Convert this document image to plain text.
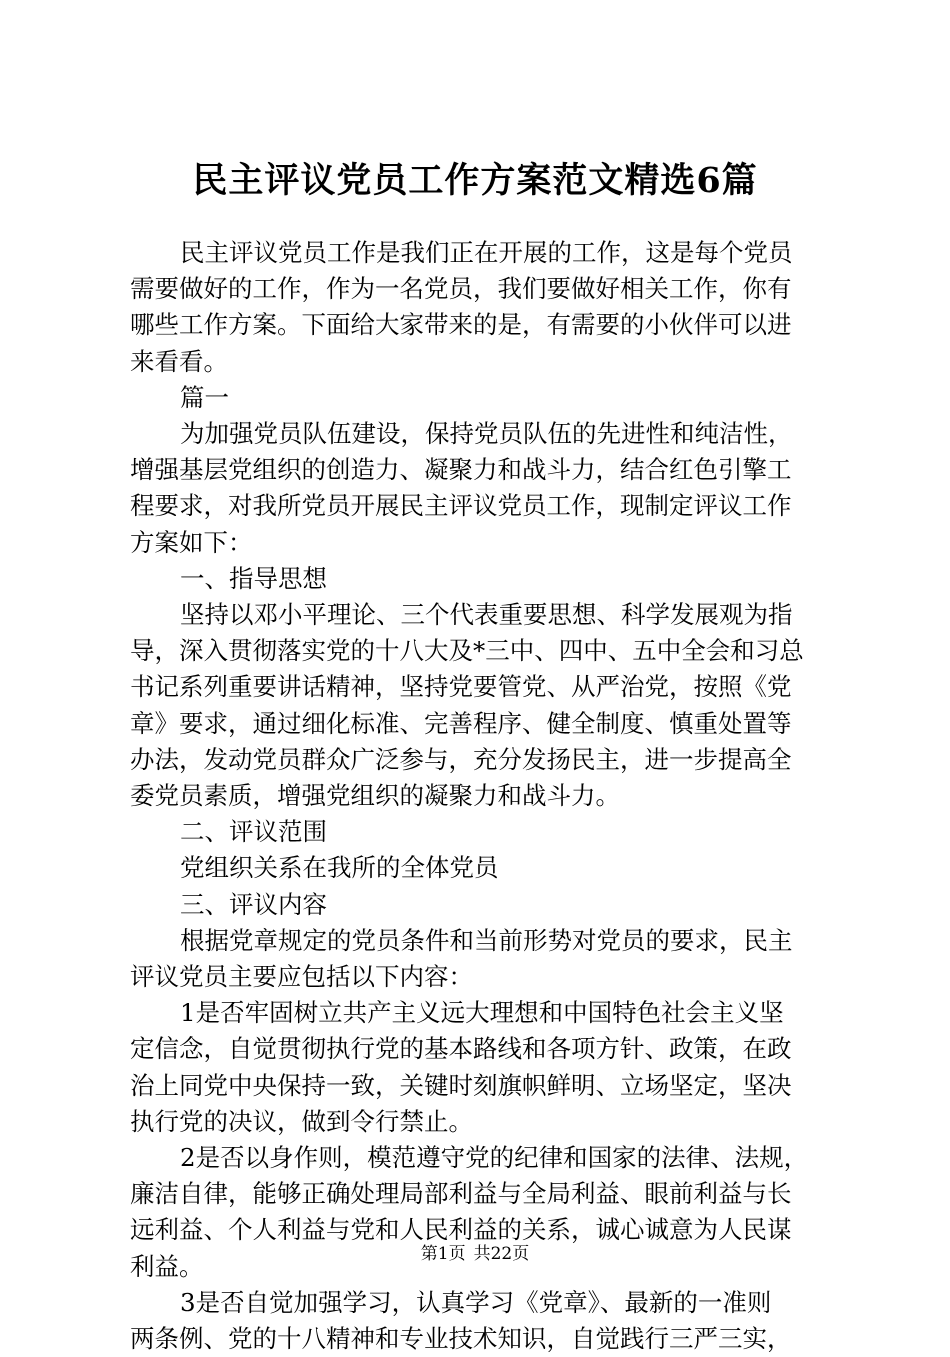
民主评议党员工作方案范文精选6篇
民主评议党员工作是我们正在开展的工作，这是每个党员
需要做好的工作，作为一名党员，我们要做好相关工作，你有
哪些工作方案。下面给大家带来的是，有需要的小伙伴可以进
来看看。
篇一
为加强党员队伍建设，保持党员队伍的先进性和纯洁性，
增强基层党组织的创造力、凝聚力和战斗力，结合红色引擎工
程要求，对我所党员开展民主评议党员工作，现制定评议工作
方案如下：
一、指导思想
坚持以邓小平理论、三个代表重要思想、科学发展观为指
导，深入贯彻落实党的十八大及*三中、四中、五中全会和习总
书记系列重要讲话精神，坚持党要管党、从严治党，按照《党
章》要求，通过细化标准、完善程序、健全制度、慎重处置等
办法，发动党员群众广泛参与，充分发扬民主，进一步提高全
委党员素质，增强党组织的凝聚力和战斗力。
二、评议范围
党组织关系在我所的全体党员
三、评议内容
根据党章规定的党员条件和当前形势对党员的要求，民主
评议党员主要应包括以下内容：
1是否牢固树立共产主义远大理想和中国特色社会主义坚
定信念，自觉贯彻执行党的基本路线和各项方针、政策，在政
治上同党中央保持一致，关键时刻旗帜鲜明、立场坚定，坚决
执行党的决议，做到令行禁止。
2是否以身作则，模范遵守党的纪律和国家的法律、法规，
廉洁自律，能够正确处理局部利益与全局利益、眼前利益与长
远利益、个人利益与党和人民利益的关系，诚心诚意为人民谋
利益。
3是否自觉加强学习，认真学习《党章》、最新的一准则
两条例、党的十八精神和专业技术知识，自觉践行三严三实，
第1页 共22页
